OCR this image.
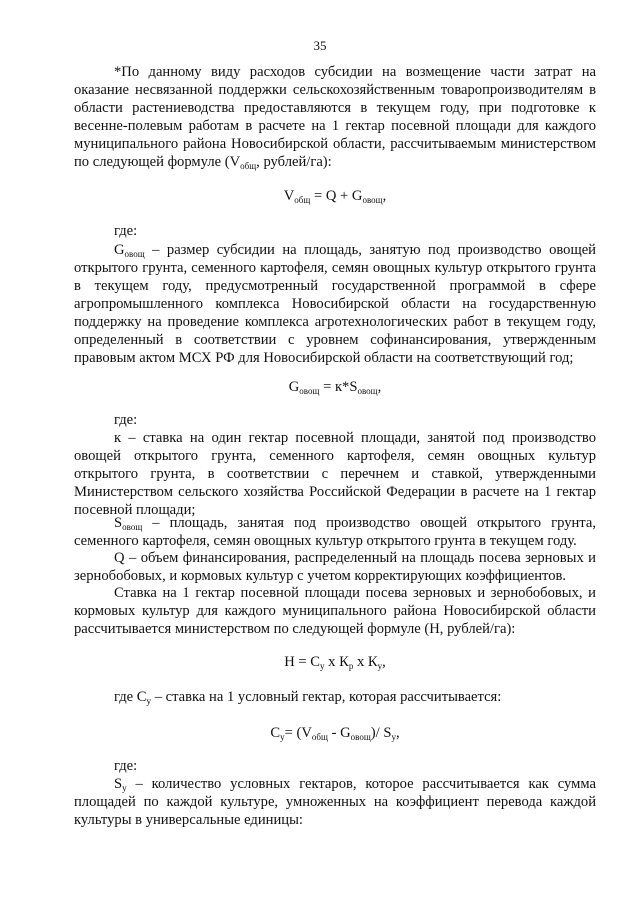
35

*По данному виду расходов субсидии на возмещение части затрат на оказание несвязанной поддержки сельскохозяйственным товаропроизводителям в области растениеводства предоставляются в текущем году, при подготовке к весенне-полевым работам в расчете на 1 гектар посевной площади для каждого муниципального района Новосибирской области, рассчитываемым министерством по следующей формуле ($V_{общ}$, рублей/га):

$V_{общ} = Q + G_{овощ}$,

где:

$G_{овощ}$ – размер субсидии на площадь, занятую под производство овощей открытого грунта, семенного картофеля, семян овощных культур открытого грунта в текущем году, предусмотренный государственной программой в сфере агропромышленного комплекса Новосибирской области на государственную поддержку на проведение комплекса агротехнологических работ в текущем году, определенный в соответствии с уровнем софинансирования, утвержденным правовым актом МСХ РФ для Новосибирской области на соответствующий год;

$G_{овощ} = к*S_{овощ}$,

где:

к – ставка на один гектар посевной площади, занятой под производство овощей открытого грунта, семенного картофеля, семян овощных культур открытого грунта, в соответствии с перечнем и ставкой, утвержденными Министерством сельского хозяйства Российской Федерации в расчете на 1 гектар посевной площади;

$S_{овощ}$ – площадь, занятая под производство овощей открытого грунта, семенного картофеля, семян овощных культур открытого грунта в текущем году.

Q – объем финансирования, распределенный на площадь посева зерновых и зернобобовых, и кормовых культур с учетом корректирующих коэффициентов.

Ставка на 1 гектар посевной площади посева зерновых и зернобобовых, и кормовых культур для каждого муниципального района Новосибирской области рассчитывается министерством по следующей формуле (Н, рублей/га):

$Н = С_у$ х $К_р$ х $К_у$,

где $С_у$ – ставка на 1 условный гектар, которая рассчитывается:

$С_у= (V_{общ} - G_{овощ})/$ $S_у$,

где:

$S_у$ – количество условных гектаров, которое рассчитывается как сумма площадей по каждой культуре, умноженных на коэффициент перевода каждой культуры в универсальные единицы:
